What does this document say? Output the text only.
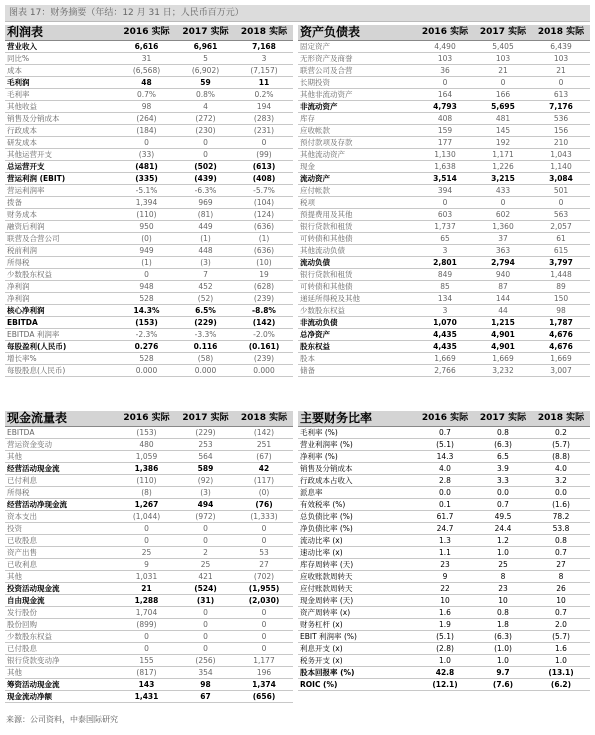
图表 17：财务摘要（年结：12 月 31 日；人民币百万元）
利润表	2016 实际	2017 实际	2018 实际
营业收入	6,616	6,961	7,168
同比%	31	5	3
成本	(6,568)	(6,902)	(7,157)
毛利润	48	59	11
毛利率	0.7%	0.8%	0.2%
其他收益	98	4	194
销售及分销成本	(264)	(272)	(283)
行政成本	(184)	(230)	(231)
研发成本	0	0	0
其他运营开支	(33)	0	(99)
总运营开支	(481)	(502)	(613)
营运利润 (EBIT)	(335)	(439)	(408)
营运利润率	-5.1%	-6.3%	-5.7%
拨备	1,394	969	(104)
财务成本	(110)	(81)	(124)
融资后利润	950	449	(636)
联营及合营公司	(0)	(1)	(1)
税前利润	949	448	(636)
所得税	(1)	(3)	(10)
少数股东权益	0	7	19
净利润	948	452	(628)
净利润	528	(52)	(239)
核心净利润	14.3%	6.5%	-8.8%
EBITDA	(153)	(229)	(142)
EBITDA 利润率	-2.3%	-3.3%	-2.0%
每股盈利(人民币)	0.276	0.116	(0.161)
增长率%	528	(58)	(239)
每股股息(人民币)	0.000	0.000	0.000
资产负债表	2016 实际	2017 实际	2018 实际
固定资产	4,490	5,405	6,439
无形资产及商誉	103	103	103
联营公司及合营	36	21	21
长期投资	0	0	0
其他非流动资产	164	166	613
非流动资产	4,793	5,695	7,176
库存	408	481	536
应收帐款	159	145	156
预付款项及存款	177	192	210
其他流动资产	1,130	1,171	1,043
现金	1,638	1,226	1,140
流动资产	3,514	3,215	3,084
应付帐款	394	433	501
税项	0	0	0
预提费用及其他	603	602	563
银行贷款和租赁	1,737	1,360	2,057
可转债和其他债	65	37	61
其他流动负债	3	363	615
流动负债	2,801	2,794	3,797
银行贷款和租赁	849	940	1,448
可转债和其他债	85	87	89
递延所得税及其他	134	144	150
少数股东权益	3	44	98
非流动负债	1,070	1,215	1,787
总净资产	4,435	4,901	4,676
股东权益	4,435	4,901	4,676
股本	1,669	1,669	1,669
储备	2,766	3,232	3,007
现金流量表	2016 实际	2017 实际	2018 实际
EBITDA	(153)	(229)	(142)
营运资金变动	480	253	251
其他	1,059	564	(67)
经营活动现金流	1,386	589	42
已付利息	(110)	(92)	(117)
所得税	(8)	(3)	(0)
经营活动净现金流	1,267	494	(76)
资本支出	(1,044)	(972)	(1,333)
投资	0	0	0
已收股息	0	0	0
资产出售	25	2	53
已收利息	9	25	27
其他	1,031	421	(702)
投资活动现金流	21	(524)	(1,955)
自由现金流	1,288	(31)	(2,030)
发行股份	1,704	0	0
股份回购	(899)	0	0
少数股东权益	0	0	0
已付股息	0	0	0
银行贷款变动净	155	(256)	1,177
其他	(817)	354	196
筹资活动现金流	143	98	1,374
现金流动净额	1,431	67	(656)
主要财务比率	2016 实际	2017 实际	2018 实际
毛利率 (%)	0.7	0.8	0.2
营业利润率 (%)	(5.1)	(6.3)	(5.7)
净利率 (%)	14.3	6.5	(8.8)
销售及分销成本	4.0	3.9	4.0
行政成本占收入	2.8	3.3	3.2
派息率	0.0	0.0	0.0
有效税率 (%)	0.1	0.7	(1.6)
总负债比率 (%)	61.7	49.5	78.2
净负债比率 (%)	24.7	24.4	53.8
流动比率 (x)	1.3	1.2	0.8
速动比率 (x)	1.1	1.0	0.7
库存周转率 (天)	23	25	27
应收账款周转天	9	8	8
应付账款周转天	22	23	26
现金周转率 (天)	10	10	10
资产周转率 (x)	1.6	0.8	0.7
财务杠杆 (x)	1.9	1.8	2.0
EBIT 利润率 (%)	(5.1)	(6.3)	(5.7)
利息开支 (x)	(2.8)	(1.0)	1.6
税务开支 (x)	1.0	1.0	1.0
股本回报率 (%)	42.8	9.7	(13.1)
ROIC (%)	(12.1)	(7.6)	(6.2)
来源：公司资料，中泰国际研究
